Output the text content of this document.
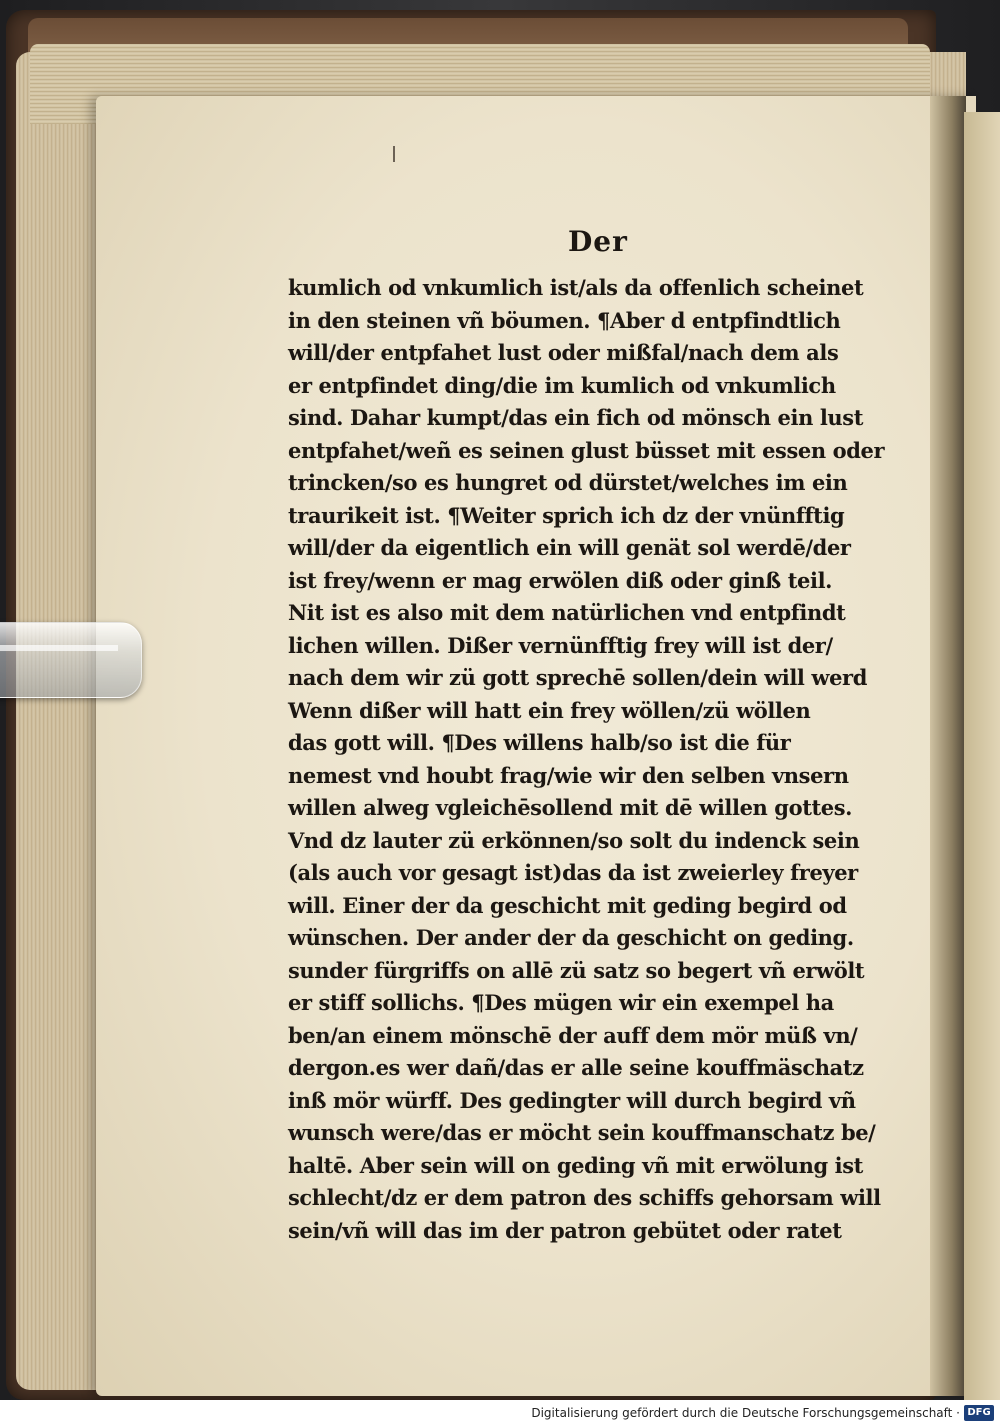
Der
kumlich od vnkumlich ist/als da offenlich scheinet
in den steinen vñ böumen. ¶Aber d entpfindtlich
will/der entpfahet lust oder mißfal/nach dem als
er entpfindet ding/die im kumlich od vnkumlich
sind. Dahar kumpt/das ein fich od mönsch ein lust
entpfahet/weñ es seinen glust büsset mit essen oder
trincken/so es hungret od dürstet/welches im ein
traurikeit ist. ¶Weiter sprich ich dz der vnünfftig
will/der da eigentlich ein will genät sol werdē/der
ist frey/wenn er mag erwölen diß oder ginß teil.
Nit ist es also mit dem natürlichen vnd entpfindt
lichen willen. Dißer vernünfftig frey will ist der/
nach dem wir zü gott sprechē sollen/dein will werd
Wenn dißer will hatt ein frey wöllen/zü wöllen
das gott will. ¶Des willens halb/so ist die für
nemest vnd houbt frag/wie wir den selben vnsern
willen alweg vgleichēsollend mit dē willen gottes.
Vnd dz lauter zü erkönnen/so solt du indenck sein
(als auch vor gesagt ist)das da ist zweierley freyer
will. Einer der da geschicht mit geding begird od
wünschen. Der ander der da geschicht on geding.
sunder fürgriffs on allē zü satz so begert vñ erwölt
er stiff sollichs. ¶Des mügen wir ein exempel ha
ben/an einem mönschē der auff dem mör müß vn/
dergon.es wer dañ/das er alle seine kouffmäschatz
inß mör würff. Des gedingter will durch begird vñ
wunsch were/das er möcht sein kouffmanschatz be/
haltē. Aber sein will on geding vñ mit erwölung ist
schlecht/dz er dem patron des schiffs gehorsam will
sein/vñ will das im der patron gebütet oder ratet
Digitalisierung gefördert durch die Deutsche Forschungsgemeinschaft · DFG
